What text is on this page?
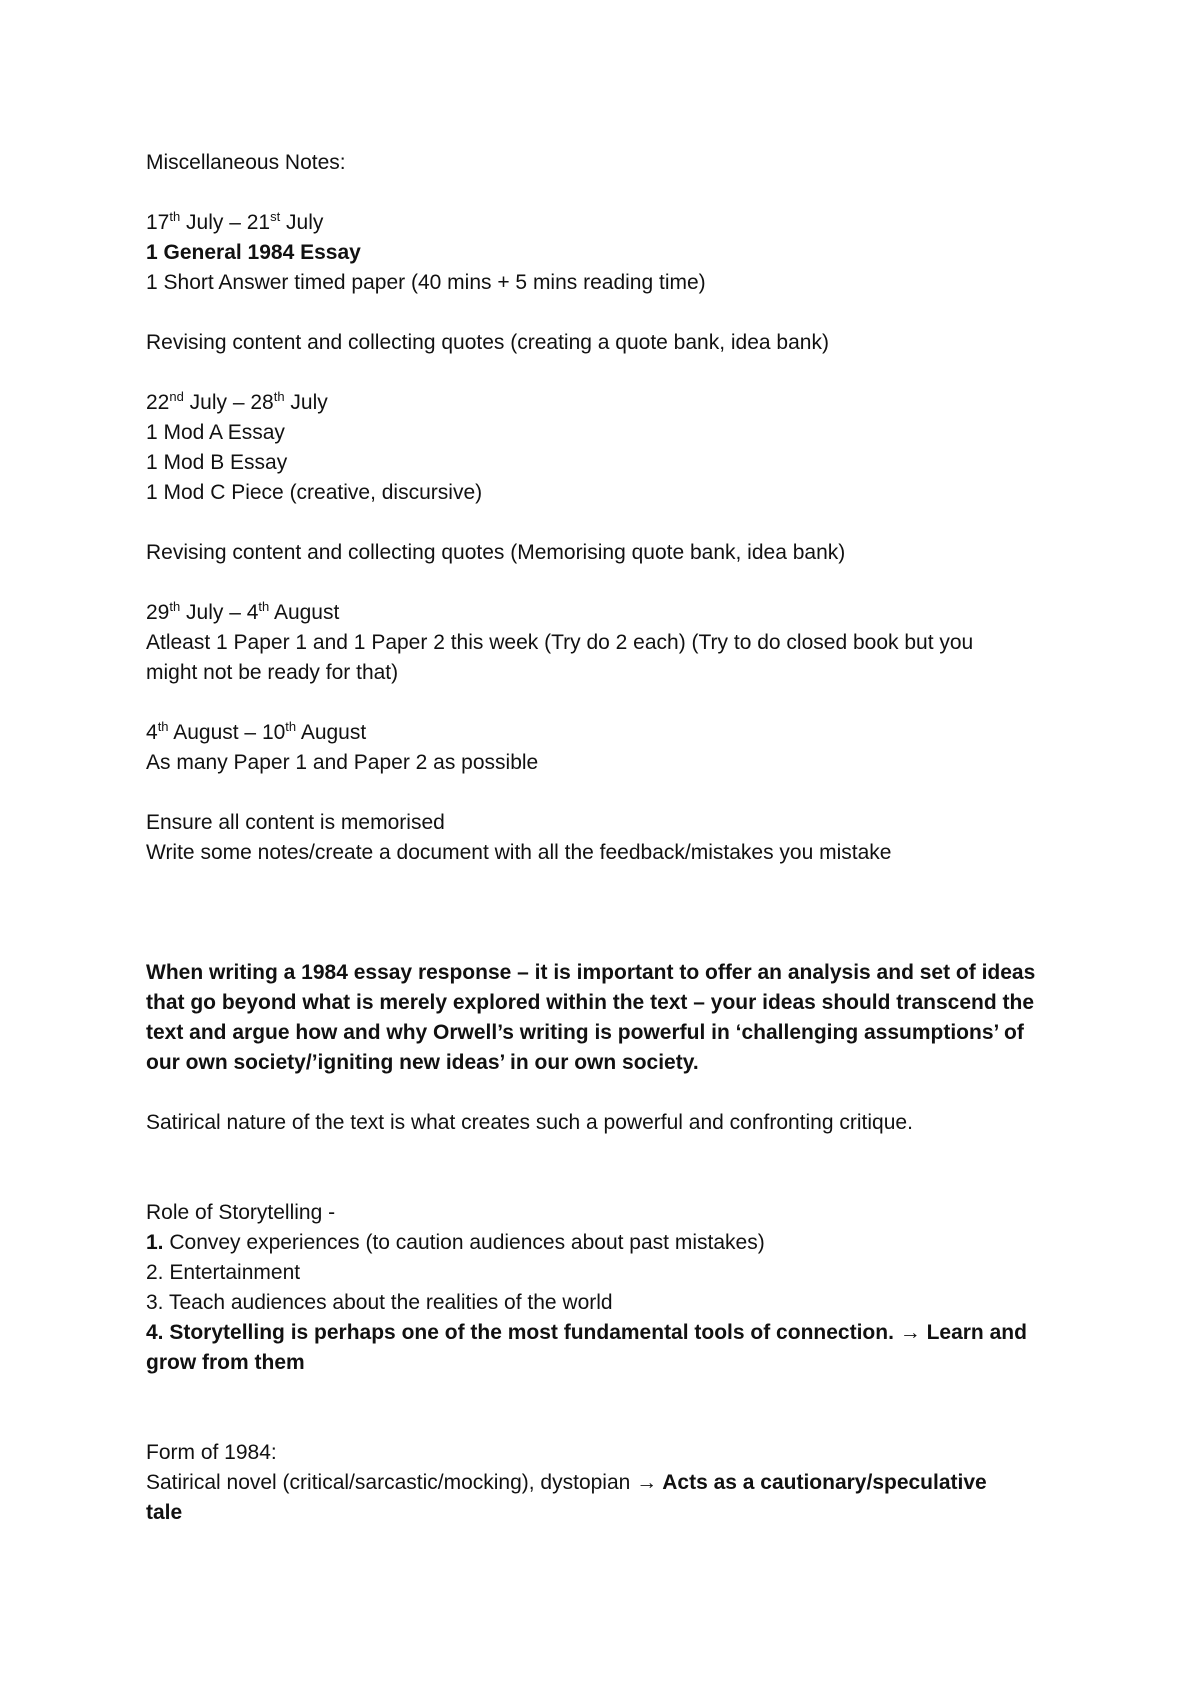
Miscellaneous Notes:
17th July – 21st July
1 General 1984 Essay
1 Short Answer timed paper (40 mins + 5 mins reading time)
Revising content and collecting quotes (creating a quote bank, idea bank)
22nd July – 28th July
1 Mod A Essay
1 Mod B Essay
1 Mod C Piece (creative, discursive)
Revising content and collecting quotes (Memorising quote bank, idea bank)
29th July – 4th August
Atleast 1 Paper 1 and 1 Paper 2 this week (Try do 2 each) (Try to do closed book but you
might not be ready for that)
4th August – 10th August
As many Paper 1 and Paper 2 as possible
Ensure all content is memorised
Write some notes/create a document with all the feedback/mistakes you mistake
When writing a 1984 essay response – it is important to offer an analysis and set of ideas
that go beyond what is merely explored within the text – your ideas should transcend the
text and argue how and why Orwell’s writing is powerful in ‘challenging assumptions’ of
our own society/’igniting new ideas’ in our own society.
Satirical nature of the text is what creates such a powerful and confronting critique.
Role of Storytelling -
1. Convey experiences (to caution audiences about past mistakes)
2. Entertainment
3. Teach audiences about the realities of the world
4. Storytelling is perhaps one of the most fundamental tools of connection. → Learn and
grow from them
Form of 1984:
Satirical novel (critical/sarcastic/mocking), dystopian → Acts as a cautionary/speculative
tale
